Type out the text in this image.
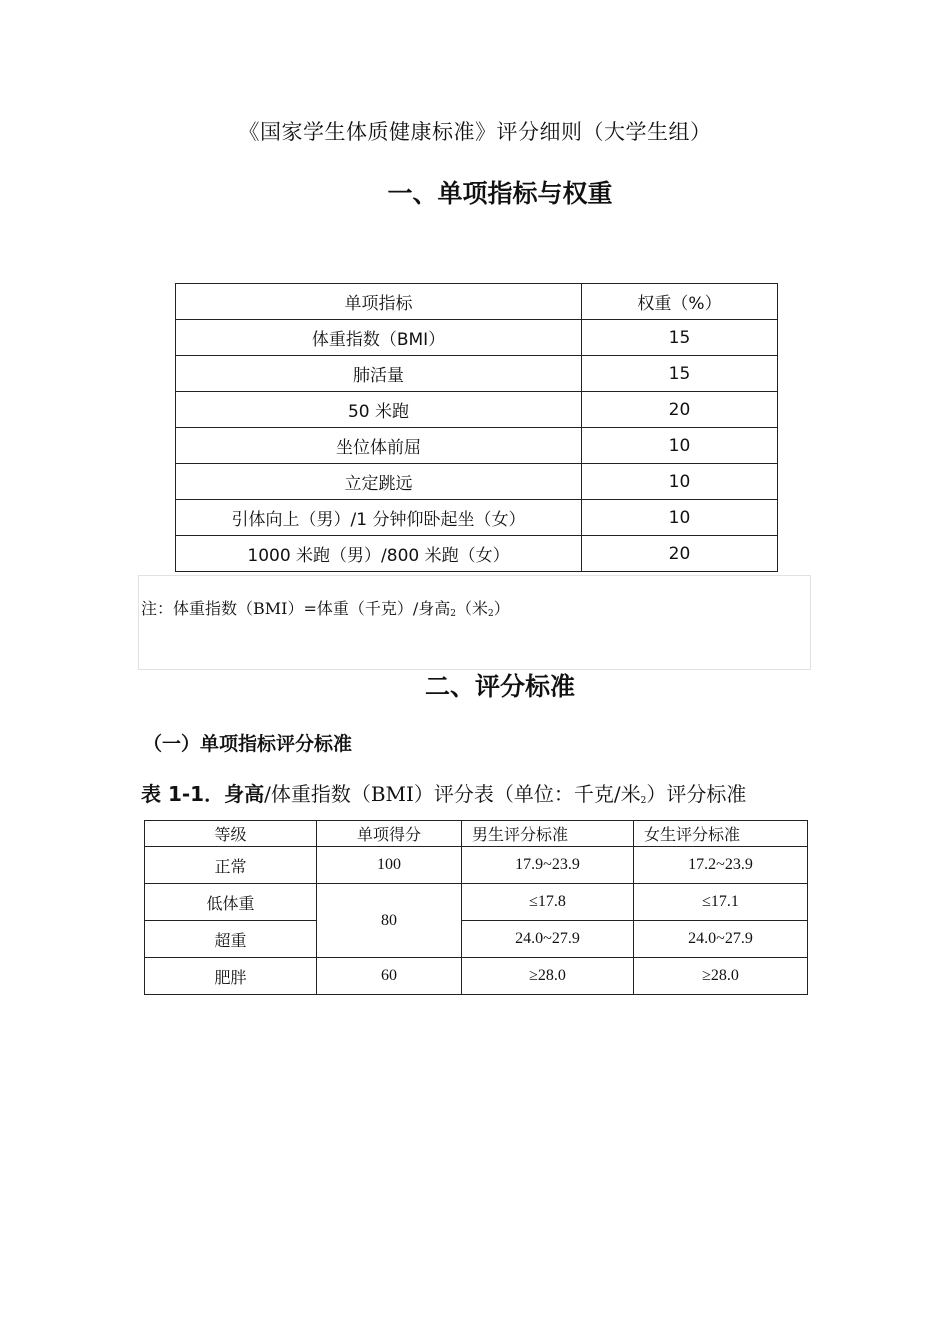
《国家学生体质健康标准》评分细则（大学生组）
一、单项指标与权重
单项指标	权重（%）
体重指数（BMI）	15
肺活量	15
50 米跑	20
坐位体前屈	10
立定跳远	10
引体向上（男）/1 分钟仰卧起坐（女）	10
1000 米跑（男）/800 米跑（女）	20
注：体重指数（BMI）=体重（千克）/身高$_2$（米$_2$）
二、评分标准
（一）单项指标评分标准
表 1-1．身高/体重指数（BMI）评分表（单位：千克/米$_2$）评分标准
等级	单项得分	男生评分标准	女生评分标准
正常	100	17.9~23.9	17.2~23.9
低体重	80	≤17.8	≤17.1
超重		24.0~27.9	24.0~27.9
肥胖	60	≥28.0	≥28.0
